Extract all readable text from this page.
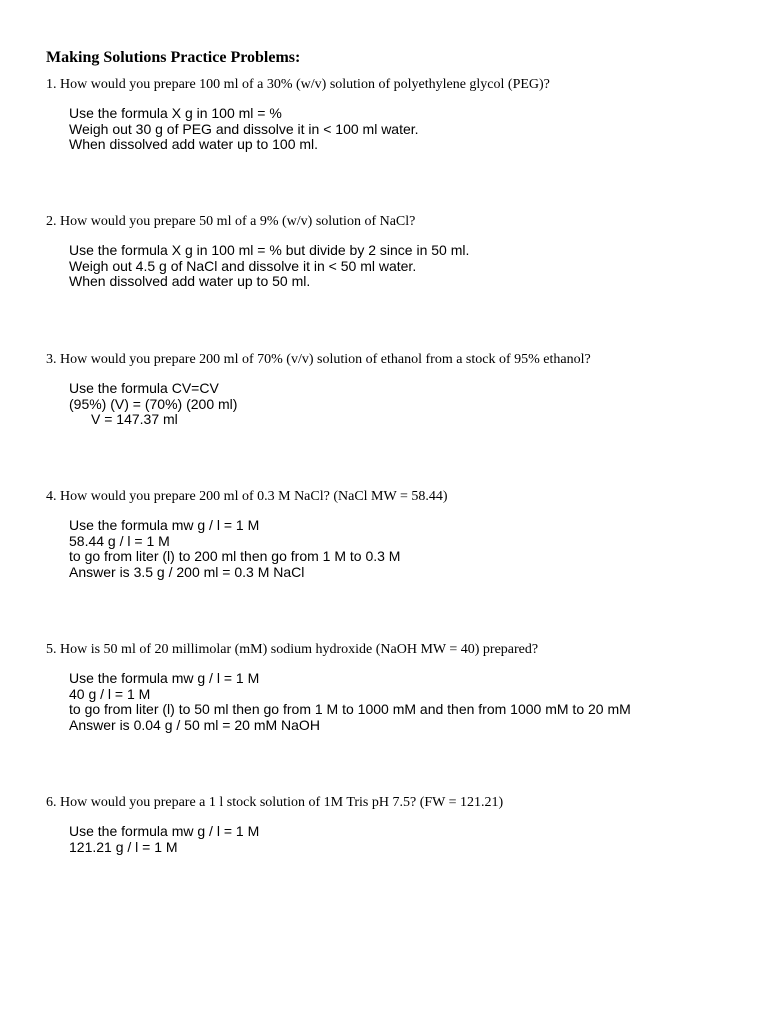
Making Solutions Practice Problems:
1. How would you prepare 100 ml of a 30% (w/v) solution of polyethylene glycol (PEG)?
Use the formula X g in 100 ml = %
Weigh out 30 g of PEG and dissolve it in < 100 ml water.
When dissolved add water up to 100 ml.
2. How would you prepare 50 ml of a 9% (w/v) solution of NaCl?
Use the formula X g in 100 ml = % but divide by 2 since in 50 ml.
Weigh out 4.5 g of NaCl and dissolve it in < 50 ml water.
When dissolved add water up to 50 ml.
3. How would you prepare 200 ml of 70% (v/v) solution of ethanol from a stock of 95% ethanol?
Use the formula CV=CV
(95%) (V) = (70%) (200 ml)
V = 147.37 ml
4. How would you prepare 200 ml of 0.3 M NaCl? (NaCl MW = 58.44)
Use the formula mw g / l = 1 M
58.44 g / l = 1 M
to go from liter (l) to 200 ml then go from 1 M to 0.3 M
Answer is 3.5 g / 200 ml = 0.3 M NaCl
5. How is 50 ml of 20 millimolar (mM) sodium hydroxide (NaOH MW = 40) prepared?
Use the formula mw g / l = 1 M
40 g / l = 1 M
to go from liter (l) to 50 ml then go from 1 M to 1000 mM and then from 1000 mM to 20 mM
Answer is 0.04 g / 50 ml = 20 mM NaOH
6. How would you prepare a 1 l stock solution of 1M Tris pH 7.5? (FW = 121.21)
Use the formula mw g / l = 1 M
121.21 g / l = 1 M
